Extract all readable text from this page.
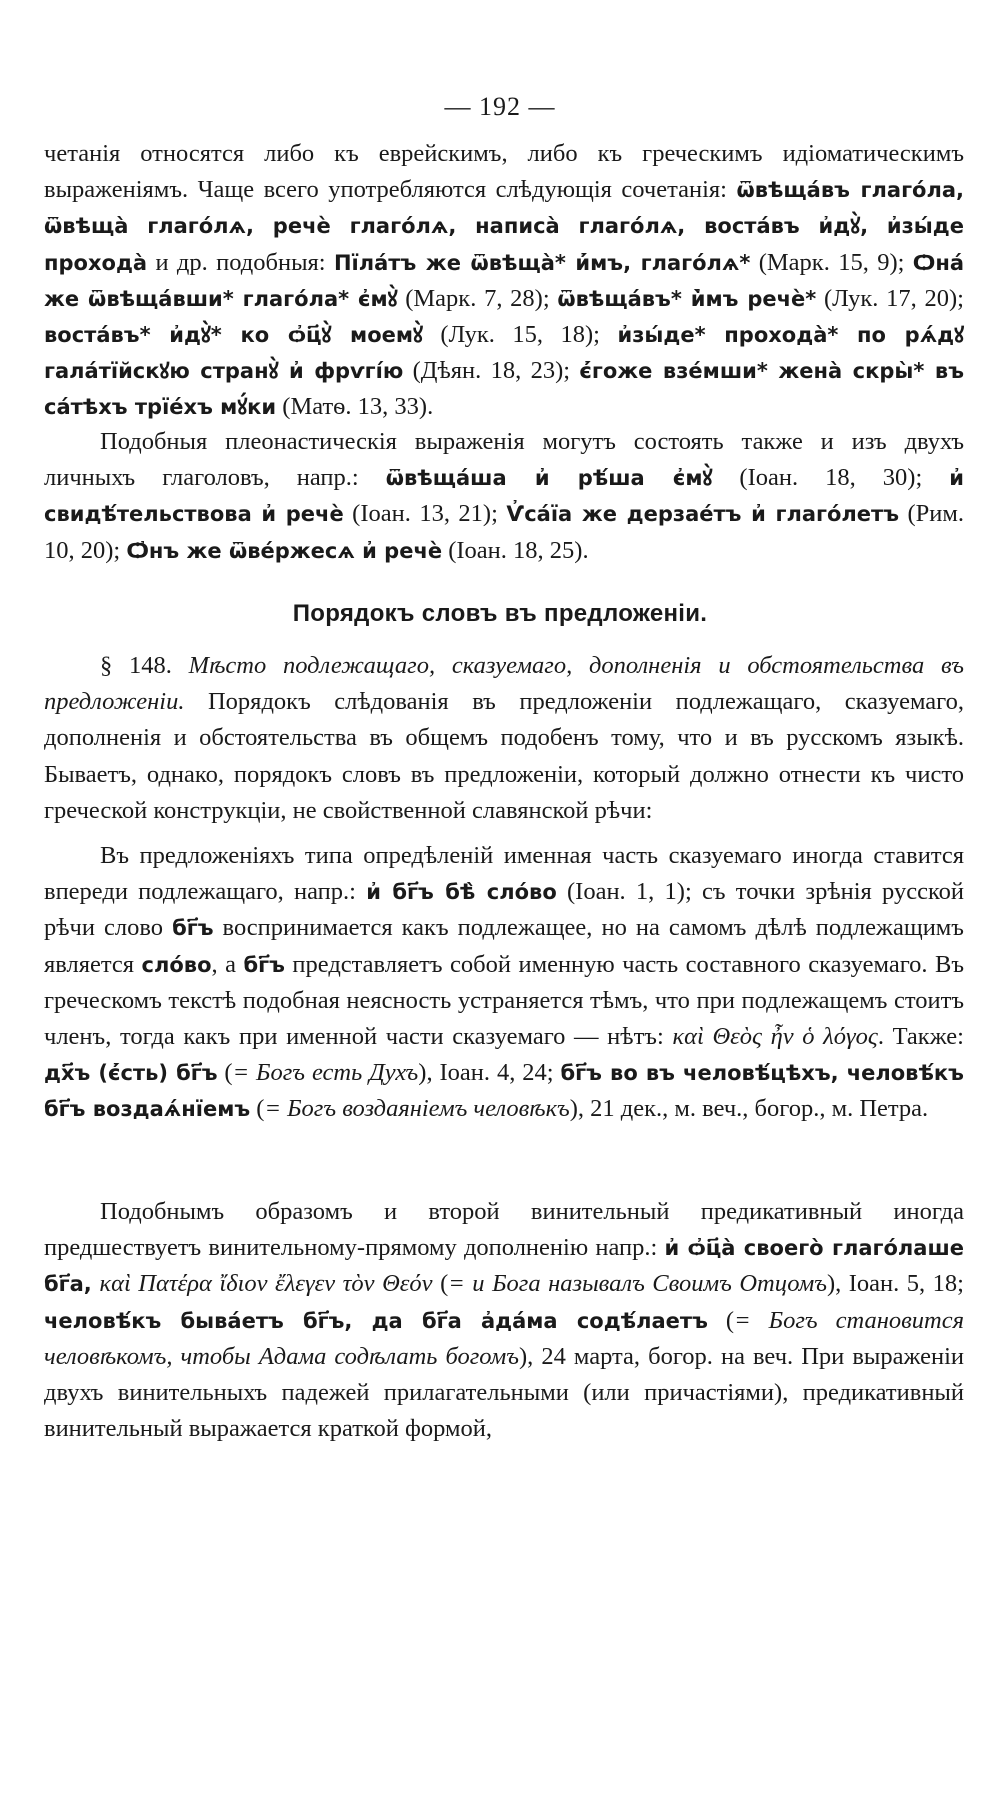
— 192 —

четанія относятся либо къ еврейскимъ, либо къ греческимъ идіоматическимъ выраженіямъ. Чаще всего употребляются слѣдующія сочетанія: ѿвѣща́въ глаго́ла, ѿвѣща̀ глаго́лѧ, речѐ глаго́лѧ, написа̀ глаго́лѧ, воста́въ и҆дꙋ̀, и҆зы́де прохода̀ и др. подобныя: Пїла́тъ же ѿвѣща̀* и҆́мъ, глаго́лѧ* (Марк. 15, 9); Ѻна́ же ѿвѣща́вши* глаго́ла* є҆мꙋ̀ (Марк. 7, 28); ѿвѣща́въ* и҆̀мъ речѐ* (Лук. 17, 20); воста́въ* и҆дꙋ̀* ко ѻ҆ц҃ꙋ̀ моемꙋ̀ (Лук. 15, 18); и҆зы́де* прохода̀* по рѧ́дꙋ гала́тїйскꙋю странꙋ̀ и҆ фрѵгі́ю (Дѣян. 18, 23); є҆́гоже взе́мши* жена̀ скры̀* въ са́тѣхъ трїе́хъ мꙋ́ки (Матѳ. 13, 33).

Подобныя плеонастическія выраженія могутъ состоять также и изъ двухъ личныхъ глаголовъ, напр.: ѿвѣща́ша и҆ рѣ́ша є҆мꙋ̀ (Іоан. 18, 30); и҆ свидѣ́тельствова и҆ речѐ (Іоан. 13, 21); Ѵ҆са́їа же дерзае́тъ и҆ глаго́летъ (Рим. 10, 20); Ѻ҆нъ же ѿве́ржесѧ и҆ речѐ (Іоан. 18, 25).

Порядокъ словъ въ предложеніи.

§ 148. Мѣсто подлежащаго, сказуемаго, дополненія и обстоятельства въ предложеніи. Порядокъ слѣдованія въ предложеніи подлежащаго, сказуемаго, дополненія и обстоятельства въ общемъ подобенъ тому, что и въ русскомъ языкѣ. Бываетъ, однако, порядокъ словъ въ предложеніи, который должно отнести къ чисто греческой конструкціи, не свойственной славянской рѣчи:

Въ предложеніяхъ типа опредѣленій именная часть сказуемаго иногда ставится впереди подлежащаго, напр.: и҆ бг҃ъ бѣ̀ сло́во (Іоан. 1, 1); съ точки зрѣнія русской рѣчи слово бг҃ъ воспринимается какъ подлежащее, но на самомъ дѣлѣ подлежащимъ является сло́во, а бг҃ъ представляетъ собой именную часть составного сказуемаго. Въ греческомъ текстѣ подобная неясность устраняется тѣмъ, что при подлежащемъ стоитъ членъ, тогда какъ при именной части сказуемаго — нѣтъ: καὶ Θεὸς ἦν ὁ λόγος. Также: дх҃ъ (є҆́сть) бг҃ъ (= Богъ есть Духъ), Іоан. 4, 24; бг҃ъ во въ человѣ́цѣхъ, человѣ́къ бг҃ъ воздаѧ́нїемъ (= Богъ воздаяніемъ человѣкъ), 21 дек., м. веч., богор., м. Петра.

Подобнымъ образомъ и второй винительный предикативный иногда предшествуетъ винительному-прямому дополненію напр.: и҆ ѻ҆ц҃а̀ своего̀ глаго́лаше бг҃а, καὶ Πατέρα ἴδιον ἔλεγεν τὸν Θεόν (= и Бога называлъ Своимъ Отцомъ), Іоан. 5, 18; человѣ́къ быва́етъ бг҃ъ, да бг҃а а҆да́ма содѣ́лаетъ (= Богъ становится человѣкомъ, чтобы Адама содѣлать богомъ), 24 марта, богор. на веч. При выраженіи двухъ винительныхъ падежей прилагательными (или причастіями), предикативный винительный выражается краткой формой,
